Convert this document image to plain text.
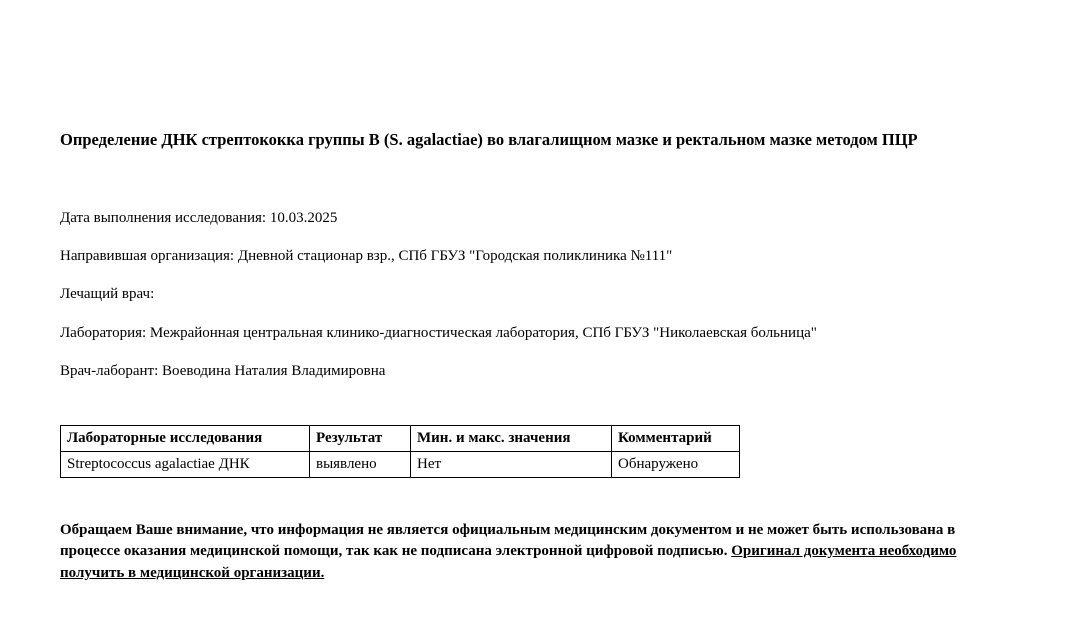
Определение ДНК стрептококка группы B (S. agalactiae) во влагалищном мазке и ректальном мазке методом ПЦР
Дата выполнения исследования: 10.03.2025
Направившая организация: Дневной стационар взр., СПб ГБУЗ "Городская поликлиника №111"
Лечащий врач:
Лаборатория: Межрайонная центральная клинико-диагностическая лаборатория, СПб ГБУЗ "Николаевская больница"
Врач-лаборант: Воеводина Наталия Владимировна
Лабораторные исследования	Результат	Мин. и макс. значения	Комментарий
Streptococcus agalactiae ДНК	выявлено	Нет	Обнаружено
Обращаем Ваше внимание, что информация не является официальным медицинским документом и не может быть использована в процессе оказания медицинской помощи, так как не подписана электронной цифровой подписью. Оригинал документа необходимо получить в медицинской организации.
